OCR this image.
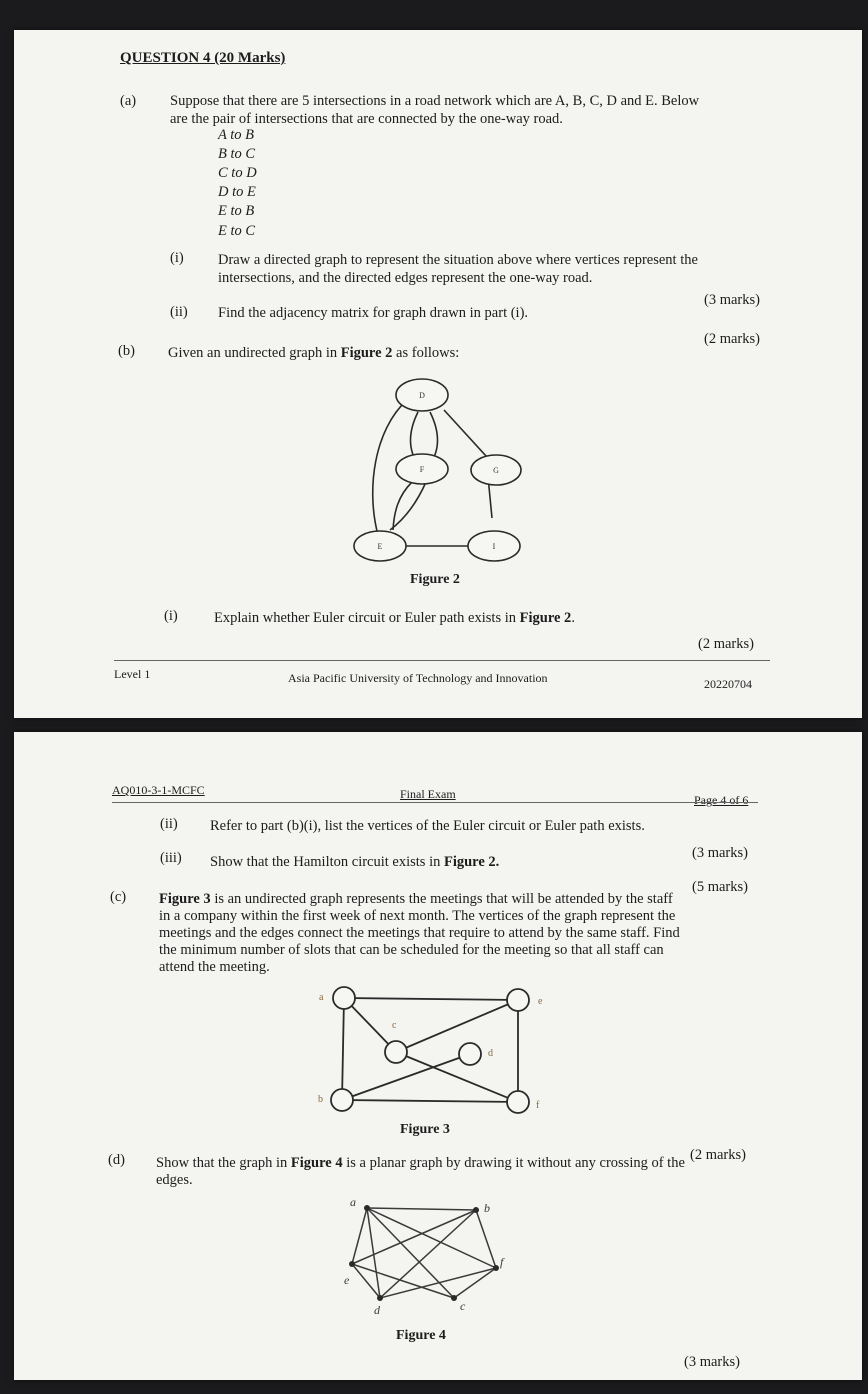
QUESTION 4 (20 Marks)
(a) Suppose that there are 5 intersections in a road network which are A, B, C, D and E. Below
are the pair of intersections that are connected by the one-way road.
A to B
B to C
C to D
D to E
E to B
E to C
(i) Draw a directed graph to represent the situation above where vertices represent the
intersections, and the directed edges represent the one-way road.
(3 marks)
(ii) Find the adjacency matrix for graph drawn in part (i).
(2 marks)
(b) Given an undirected graph in Figure 2 as follows:
D
F	G
E	I
Figure 2
(i)	Explain whether Euler circuit or Euler path exists in Figure 2.
(2 marks)
Level 1	Asia Pacific University of Technology and Innovation	20220704
AQ010-3-1-MCFC	Final Exam	Page 4 of 6
(ii) Refer to part (b)(i), list the vertices of the Euler circuit or Euler path exists.
(3 marks)
(iii) Show that the Hamilton circuit exists in Figure 2.
(5 marks)
(c) Figure 3 is an undirected graph represents the meetings that will be attended by the staff
in a company within the first week of next month. The vertices of the graph represent the
meetings and the edges connect the meetings that require to attend by the same staff. Find
the minimum number of slots that can be scheduled for the meeting so that all staff can
attend the meeting.
a	e
c
d
b
f
Figure 3
(2 marks)
(d) Show that the graph in Figure 4 is a planar graph by drawing it without any crossing of the
edges.
a	b
e
f
d	c
Figure 4
(3 marks)
